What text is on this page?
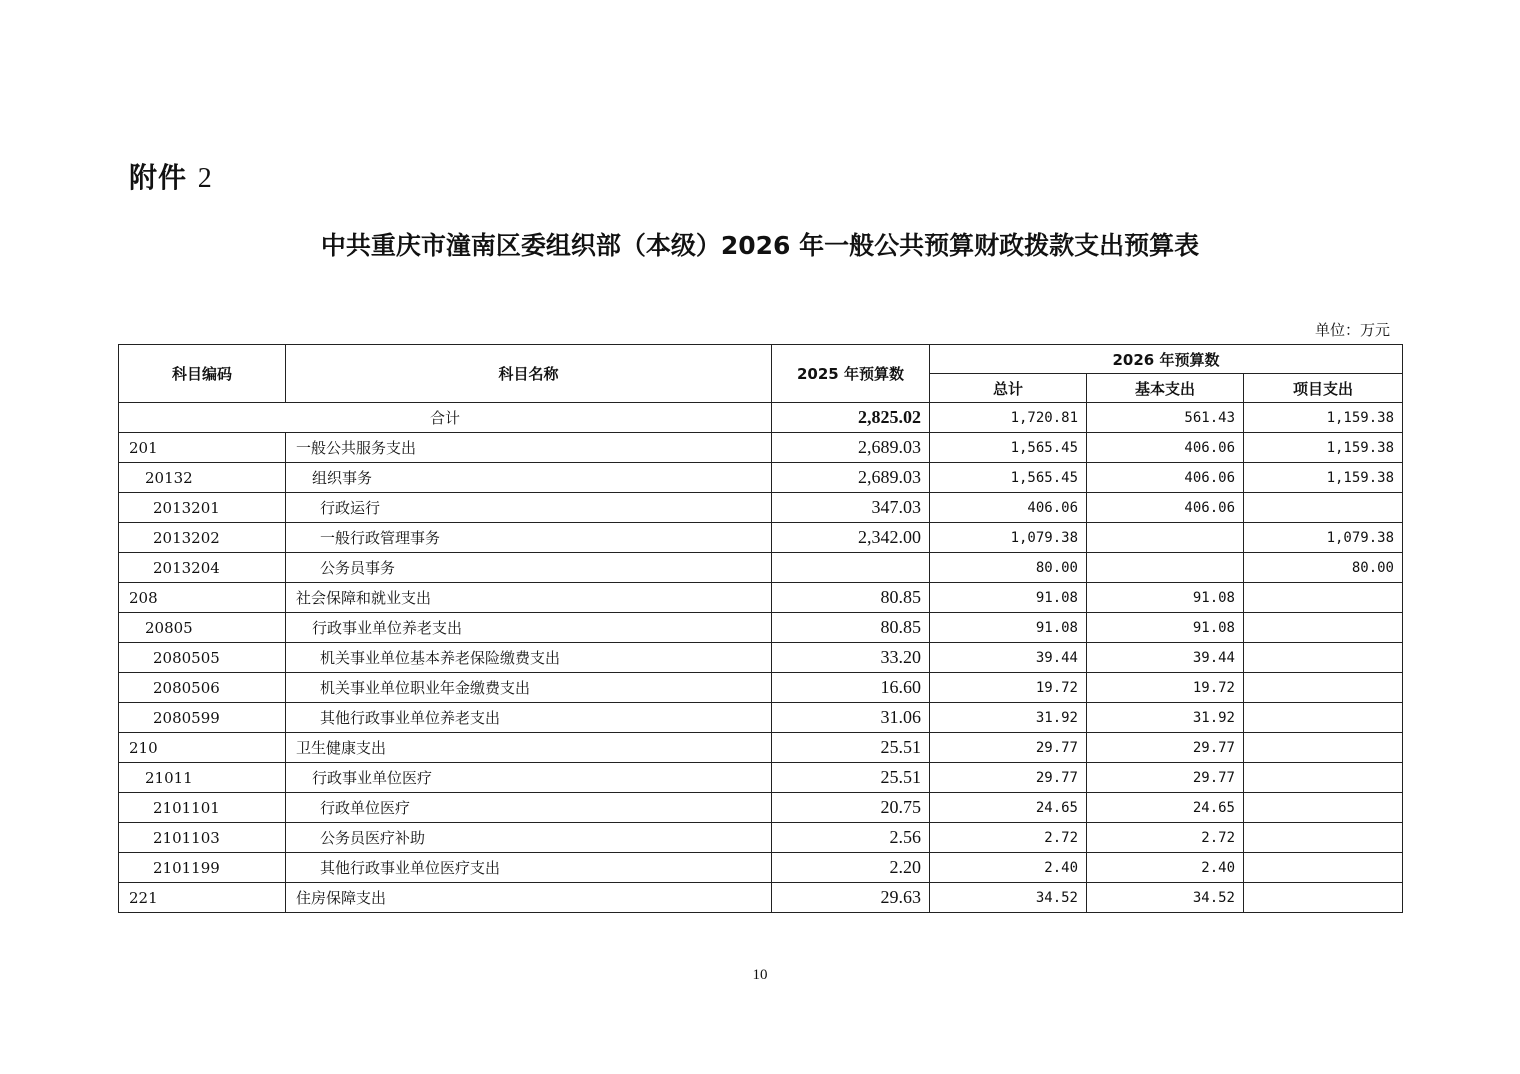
附件 2
中共重庆市潼南区委组织部（本级）2026 年一般公共预算财政拨款支出预算表
单位：万元
科目编码	科目名称	2025 年预算数	2026 年预算数		
			总计	基本支出	项目支出
合计		2,825.02	1,720.81	561.43	1,159.38
201	一般公共服务支出	2,689.03	1,565.45	406.06	1,159.38
20132	组织事务	2,689.03	1,565.45	406.06	1,159.38
2013201	行政运行	347.03	406.06	406.06	
2013202	一般行政管理事务	2,342.00	1,079.38		1,079.38
2013204	公务员事务		80.00		80.00
208	社会保障和就业支出	80.85	91.08	91.08	
20805	行政事业单位养老支出	80.85	91.08	91.08	
2080505	机关事业单位基本养老保险缴费支出	33.20	39.44	39.44	
2080506	机关事业单位职业年金缴费支出	16.60	19.72	19.72	
2080599	其他行政事业单位养老支出	31.06	31.92	31.92	
210	卫生健康支出	25.51	29.77	29.77	
21011	行政事业单位医疗	25.51	29.77	29.77	
2101101	行政单位医疗	20.75	24.65	24.65	
2101103	公务员医疗补助	2.56	2.72	2.72	
2101199	其他行政事业单位医疗支出	2.20	2.40	2.40	
221	住房保障支出	29.63	34.52	34.52	
10
